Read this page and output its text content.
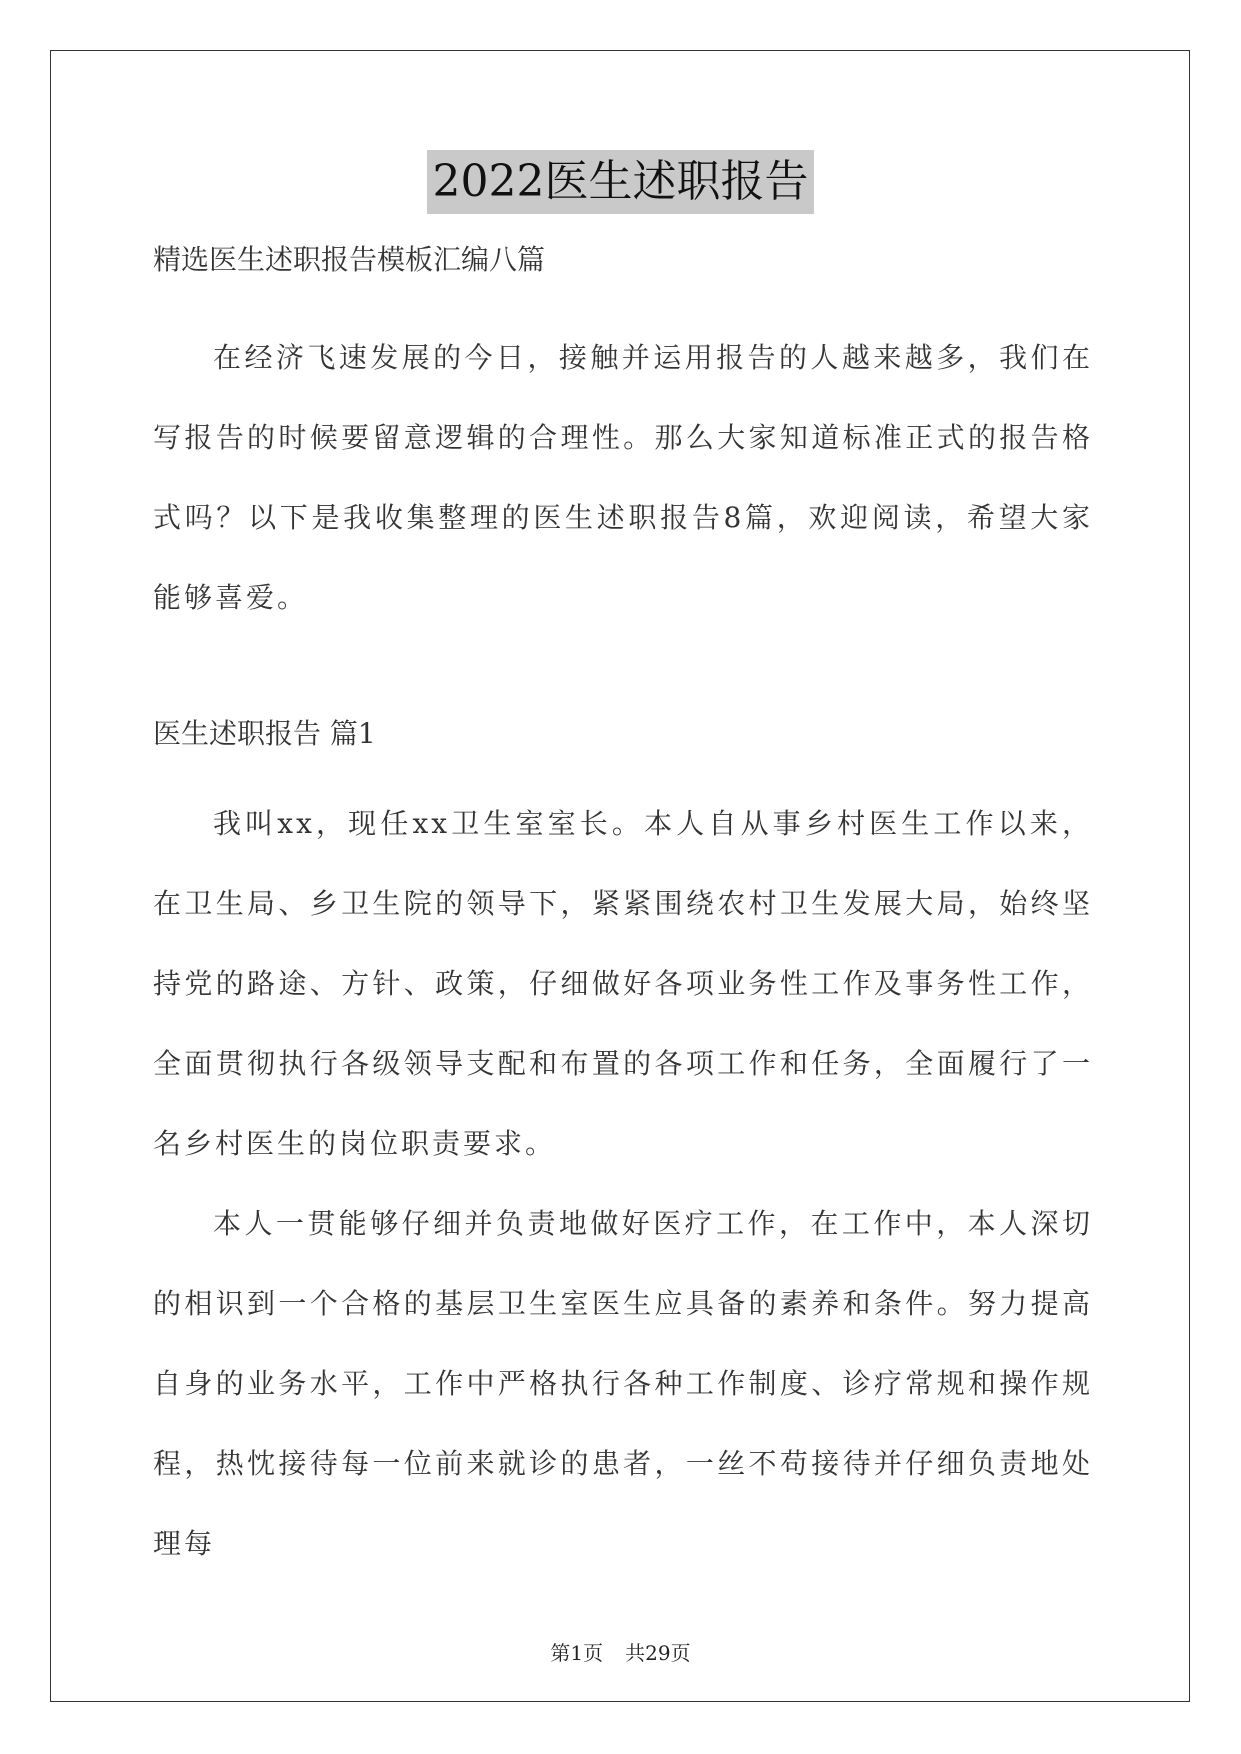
2022医生述职报告

精选医生述职报告模板汇编八篇

在经济飞速发展的今日，接触并运用报告的人越来越多，我们在写报告的时候要留意逻辑的合理性。那么大家知道标准正式的报告格式吗？以下是我收集整理的医生述职报告8篇，欢迎阅读，希望大家能够喜爱。

医生述职报告 篇1

我叫xx，现任xx卫生室室长。本人自从事乡村医生工作以来，在卫生局、乡卫生院的领导下，紧紧围绕农村卫生发展大局，始终坚持党的路途、方针、政策，仔细做好各项业务性工作及事务性工作，全面贯彻执行各级领导支配和布置的各项工作和任务，全面履行了一名乡村医生的岗位职责要求。

本人一贯能够仔细并负责地做好医疗工作，在工作中，本人深切的相识到一个合格的基层卫生室医生应具备的素养和条件。努力提高自身的业务水平，工作中严格执行各种工作制度、诊疗常规和操作规程，热忱接待每一位前来就诊的患者，一丝不苟接待并仔细负责地处理每

第1页 共29页
